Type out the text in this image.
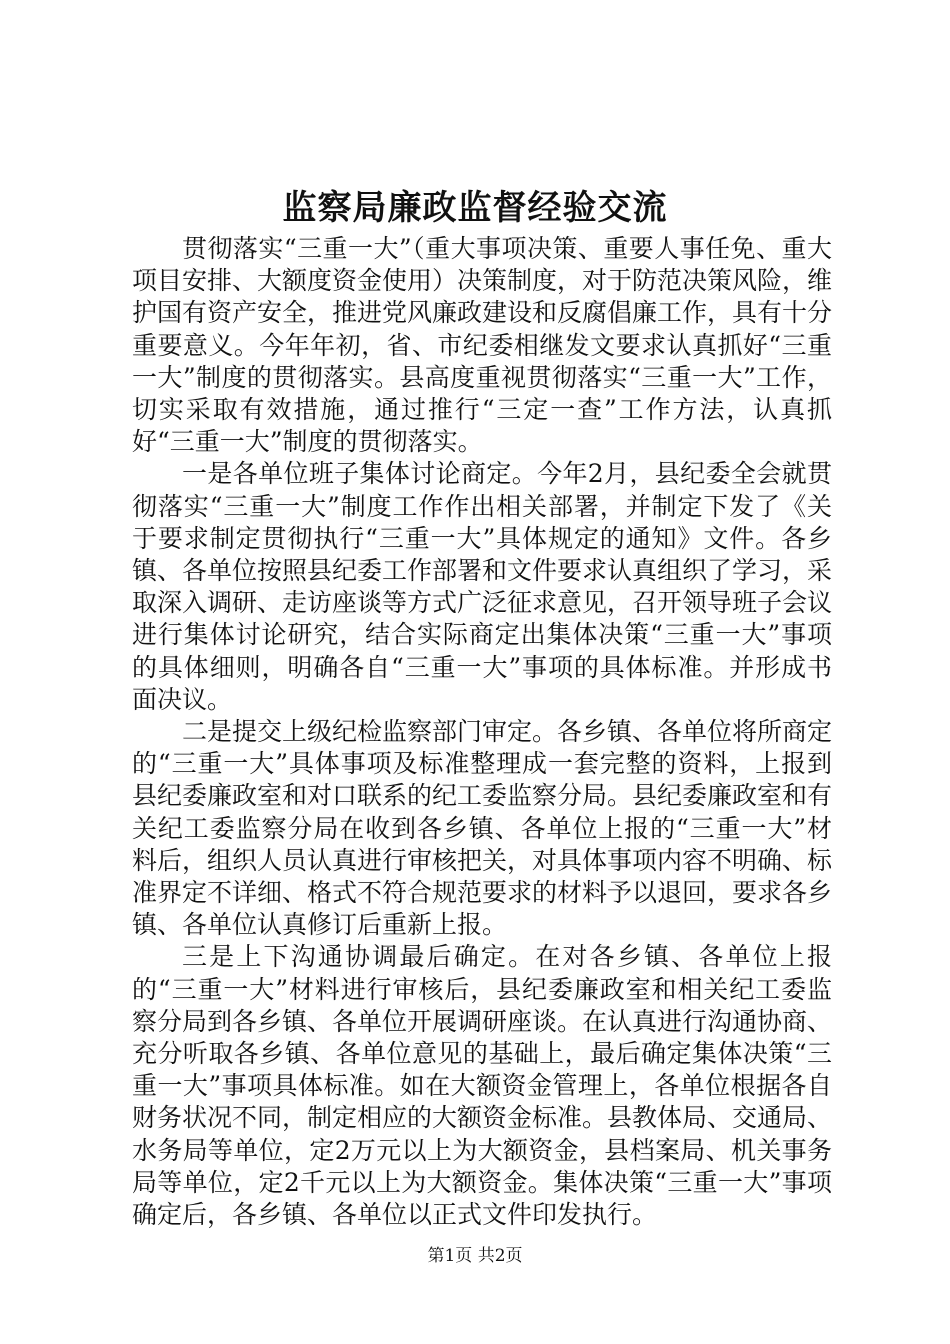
监察局廉政监督经验交流

贯彻落实“三重一大”（重大事项决策、重要人事任免、重大项目安排、大额度资金使用）决策制度，对于防范决策风险，维护国有资产安全，推进党风廉政建设和反腐倡廉工作，具有十分重要意义。今年年初，省、市纪委相继发文要求认真抓好“三重一大”制度的贯彻落实。县高度重视贯彻落实“三重一大”工作，切实采取有效措施，通过推行“三定一查”工作方法，认真抓好“三重一大”制度的贯彻落实。

一是各单位班子集体讨论商定。今年2月，县纪委全会就贯彻落实“三重一大”制度工作作出相关部署，并制定下发了《关于要求制定贯彻执行“三重一大”具体规定的通知》文件。各乡镇、各单位按照县纪委工作部署和文件要求认真组织了学习，采取深入调研、走访座谈等方式广泛征求意见，召开领导班子会议进行集体讨论研究，结合实际商定出集体决策“三重一大”事项的具体细则，明确各自“三重一大”事项的具体标准。并形成书面决议。

二是提交上级纪检监察部门审定。各乡镇、各单位将所商定的“三重一大”具体事项及标准整理成一套完整的资料，上报到县纪委廉政室和对口联系的纪工委监察分局。县纪委廉政室和有关纪工委监察分局在收到各乡镇、各单位上报的“三重一大”材料后，组织人员认真进行审核把关，对具体事项内容不明确、标准界定不详细、格式不符合规范要求的材料予以退回，要求各乡镇、各单位认真修订后重新上报。

三是上下沟通协调最后确定。在对各乡镇、各单位上报的“三重一大”材料进行审核后，县纪委廉政室和相关纪工委监察分局到各乡镇、各单位开展调研座谈。在认真进行沟通协商、充分听取各乡镇、各单位意见的基础上，最后确定集体决策“三重一大”事项具体标准。如在大额资金管理上，各单位根据各自财务状况不同，制定相应的大额资金标准。县教体局、交通局、水务局等单位，定2万元以上为大额资金，县档案局、机关事务局等单位，定2千元以上为大额资金。集体决策“三重一大”事项确定后，各乡镇、各单位以正式文件印发执行。

第1页 共2页
